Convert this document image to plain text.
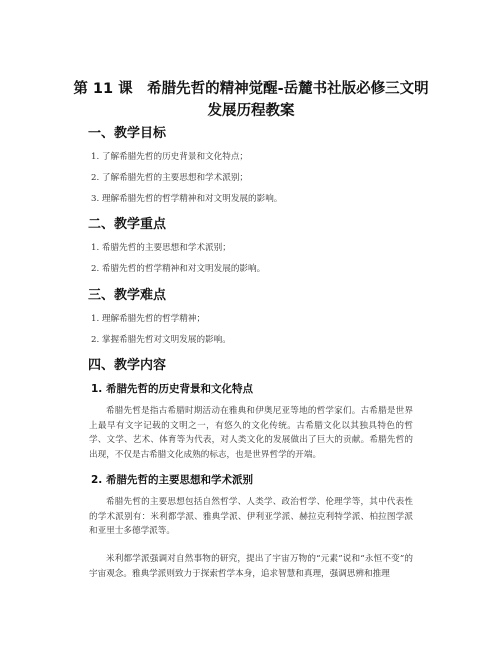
第 11 课　希腊先哲的精神觉醒-岳麓书社版必修三文明发展历程教案
一、教学目标
1. 了解希腊先哲的历史背景和文化特点；
2. 了解希腊先哲的主要思想和学术派别；
3. 理解希腊先哲的哲学精神和对文明发展的影响。
二、教学重点
1. 希腊先哲的主要思想和学术派别；
2. 希腊先哲的哲学精神和对文明发展的影响。
三、教学难点
1. 理解希腊先哲的哲学精神；
2. 掌握希腊先哲对文明发展的影响。
四、教学内容
1. 希腊先哲的历史背景和文化特点

希腊先哲是指古希腊时期活动在雅典和伊奥尼亚等地的哲学家们。古希腊是世界上最早有文字记载的文明之一，有悠久的文化传统。古希腊文化以其独具特色的哲学、文学、艺术、体育等为代表，对人类文化的发展做出了巨大的贡献。希腊先哲的出现，不仅是古希腊文化成熟的标志，也是世界哲学的开端。

2. 希腊先哲的主要思想和学术派别

希腊先哲的主要思想包括自然哲学、人类学、政治哲学、伦理学等，其中代表性的学术派别有：米利都学派、雅典学派、伊利亚学派、赫拉克利特学派、柏拉图学派和亚里士多德学派等。

米利都学派强调对自然事物的研究，提出了宇宙万物的“元素”说和“永恒不变”的宇宙观念。雅典学派则致力于探索哲学本身，追求智慧和真理，强调思辨和推理
